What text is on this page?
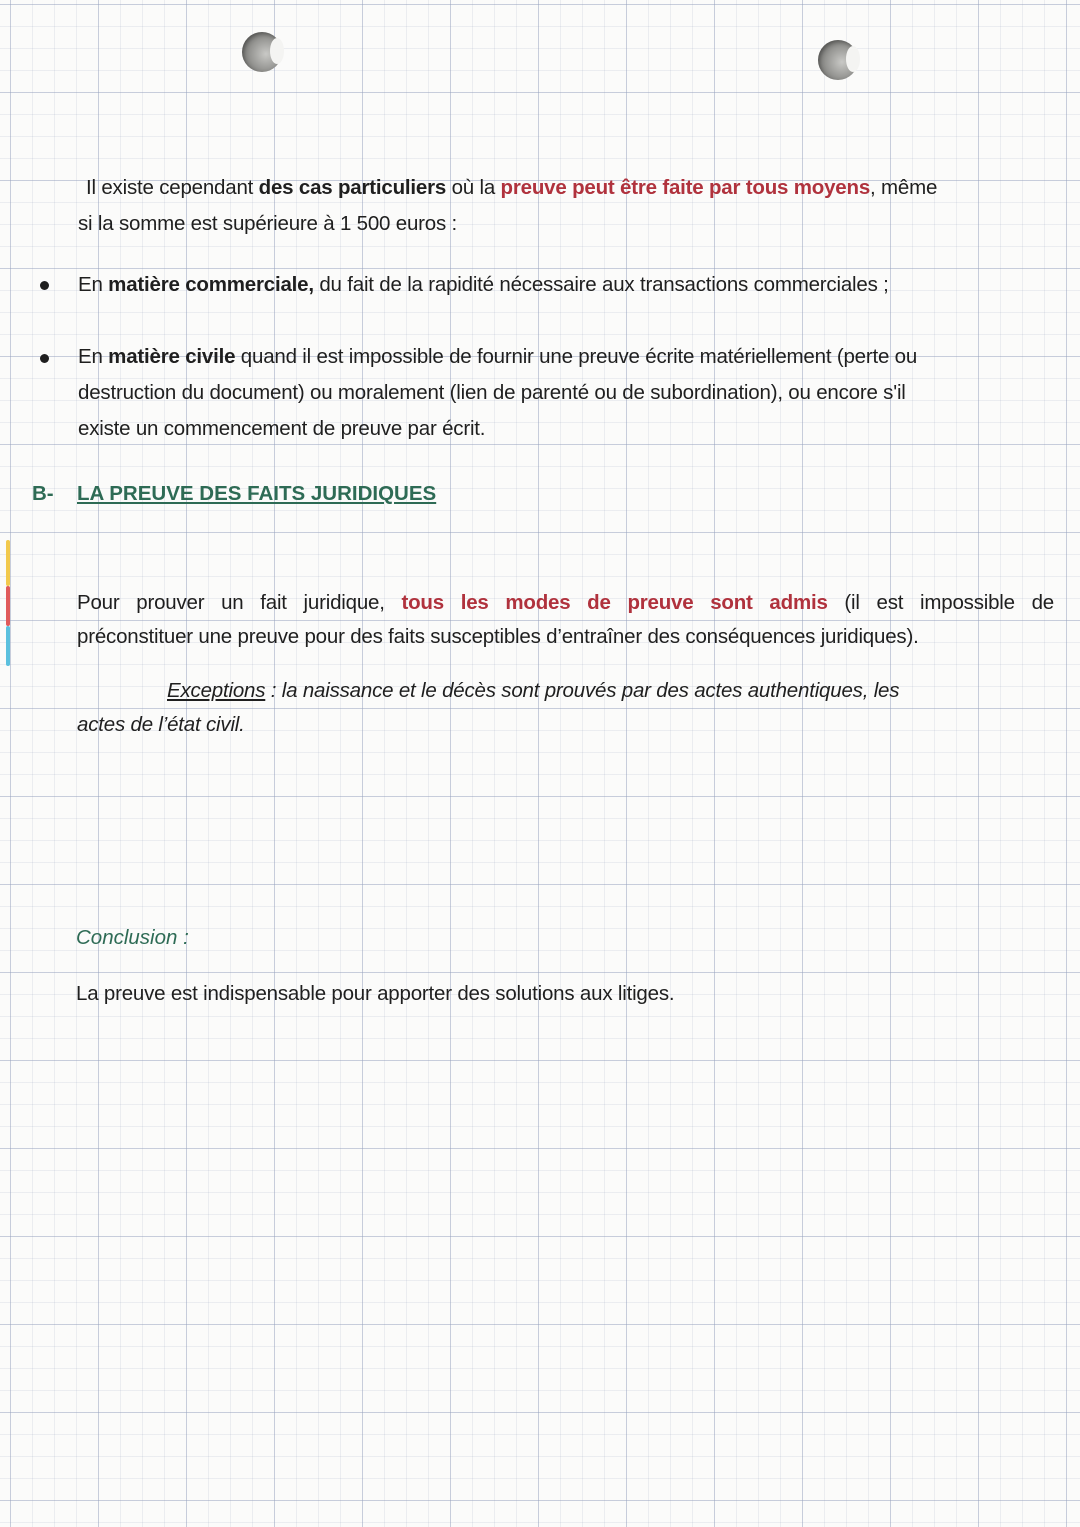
Il existe cependant des cas particuliers où la preuve peut être faite par tous moyens, même
si la somme est supérieure à 1 500 euros :
En matière commerciale, du fait de la rapidité nécessaire aux transactions commerciales ;
En matière civile quand il est impossible de fournir une preuve écrite matériellement (perte ou
destruction du document) ou moralement (lien de parenté ou de subordination), ou encore s'il
existe un commencement de preuve par écrit.
B- LA PREUVE DES FAITS JURIDIQUES
Pour prouver un fait juridique, tous les modes de preuve sont admis (il est impossible de
préconstituer une preuve pour des faits susceptibles d’entraîner des conséquences juridiques).
Exceptions : la naissance et le décès sont prouvés par des actes authentiques, les
actes de l’état civil.
Conclusion :
La preuve est indispensable pour apporter des solutions aux litiges.
